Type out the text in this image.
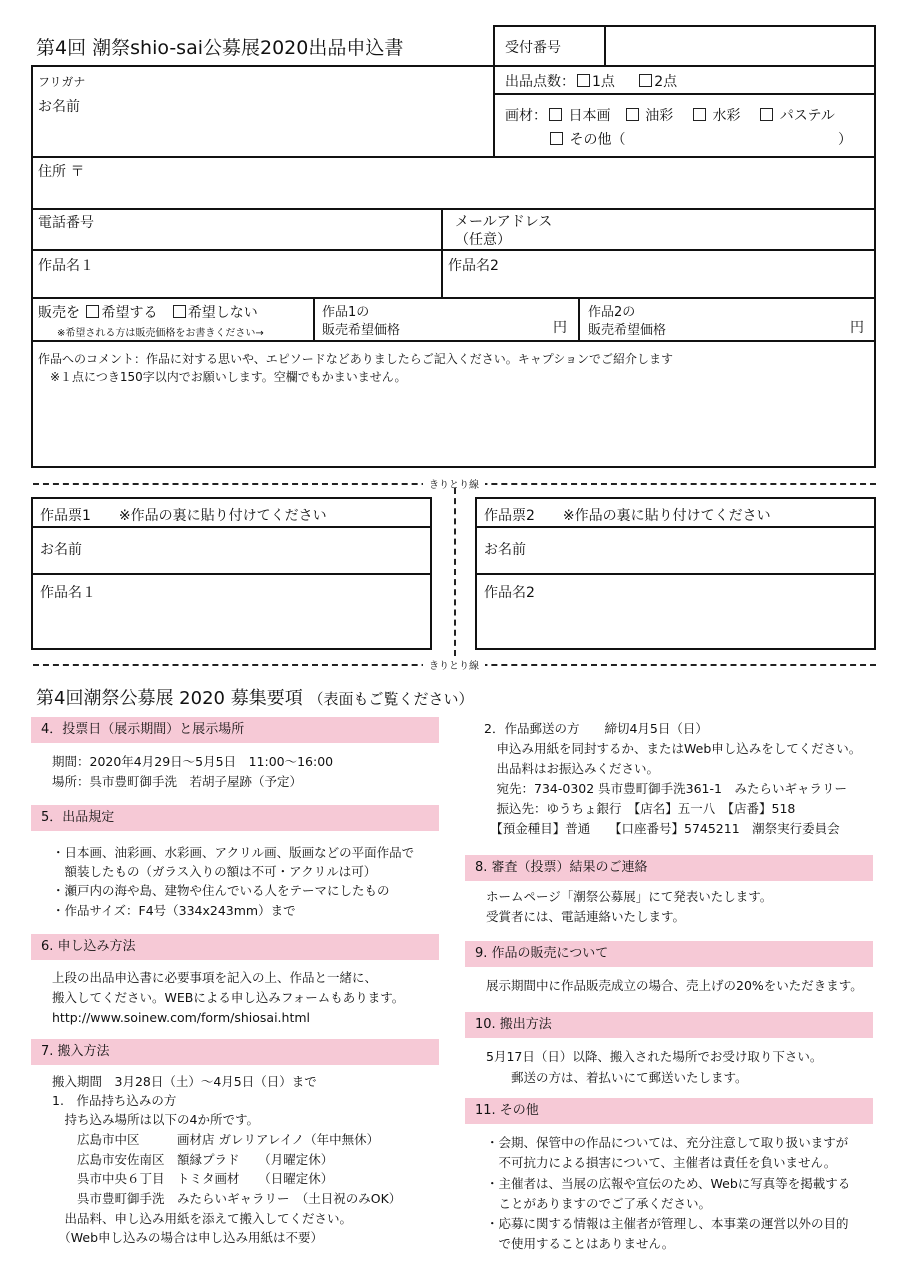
第4回 潮祭shio-sai公募展2020出品申込書	受付番号
フリガナ
お名前
出品点数： 1点	2点
画材： 日本画 油彩	水彩	パステル
その他（	）
住所 〒
電話番号	メールアドレス
（任意）
作品名１	作品名2
販売を 希望する 希望しない
※希望される方は販売価格をお書きください→
作品1の
販売希望価格	円
作品2の
販売希望価格	円
作品へのコメント：作品に対する思いや、エピソードなどありましたらご記入ください。キャプションでご紹介します
※１点につき150字以内でお願いします。空欄でもかまいません。
きりとり線
作品票1　　※作品の裏に貼り付けてください
お名前
作品名１
作品票2　　※作品の裏に貼り付けてください
お名前
作品名2
きりとり線
第4回潮祭公募展 2020 募集要項 （表面もご覧ください）
4．投票日（展示期間）と展示場所
期間：2020年4月29日～5月5日　11:00～16:00
場所：呉市豊町御手洗　若胡子屋跡（予定）
5．出品規定
・日本画、油彩画、水彩画、アクリル画、版画などの平面作品で
　額装したもの（ガラス入りの額は不可・アクリルは可）
・瀬戸内の海や島、建物や住んでいる人をテーマにしたもの
・作品サイズ：F4号（334x243mm）まで
6. 申し込み方法
上段の出品申込書に必要事項を記入の上、作品と一緒に、
搬入してください。WEBによる申し込みフォームもあります。
http://www.soinew.com/form/shiosai.html
7. 搬入方法
搬入期間　3月28日（土）～4月5日（日）まで
1.　作品持ち込みの方
　持ち込み場所は以下の4か所です。
　　広島市中区　　　画材店 ガレリアレイノ（年中無休）
　　広島市安佐南区　額縁プラド　　（月曜定休）
　　呉市中央６丁目　トミタ画材　　（日曜定休）
　　呉市豊町御手洗　みたらいギャラリー　（土日祝のみOK）
　出品料、申し込み用紙を添えて搬入してください。
　（Web申し込みの場合は申し込み用紙は不要）
2．作品郵送の方　　締切4月5日（日）
　申込み用紙を同封するか、またはWeb申し込みをしてください。
　出品料はお振込みください。
　宛先：734-0302 呉市豊町御手洗361-1　みたらいギャラリー
　振込先：ゆうちょ銀行　【店名】五一八　【店番】518
　【預金種目】普通　　【口座番号】5745211　潮祭実行委員会
8. 審査（投票）結果のご連絡
ホームページ「潮祭公募展」にて発表いたします。
受賞者には、電話連絡いたします。
9. 作品の販売について
展示期間中に作品販売成立の場合、売上げの20%をいただきます。
10. 搬出方法
5月17日（日）以降、搬入された場所でお受け取り下さい。
　　郵送の方は、着払いにて郵送いたします。
11. その他
・会期、保管中の作品については、充分注意して取り扱いますが
　不可抗力による損害について、主催者は責任を負いません。
・主催者は、当展の広報や宣伝のため、Webに写真等を掲載する
　ことがありますのでご了承ください。
・応募に関する情報は主催者が管理し、本事業の運営以外の目的
　で使用することはありません。
